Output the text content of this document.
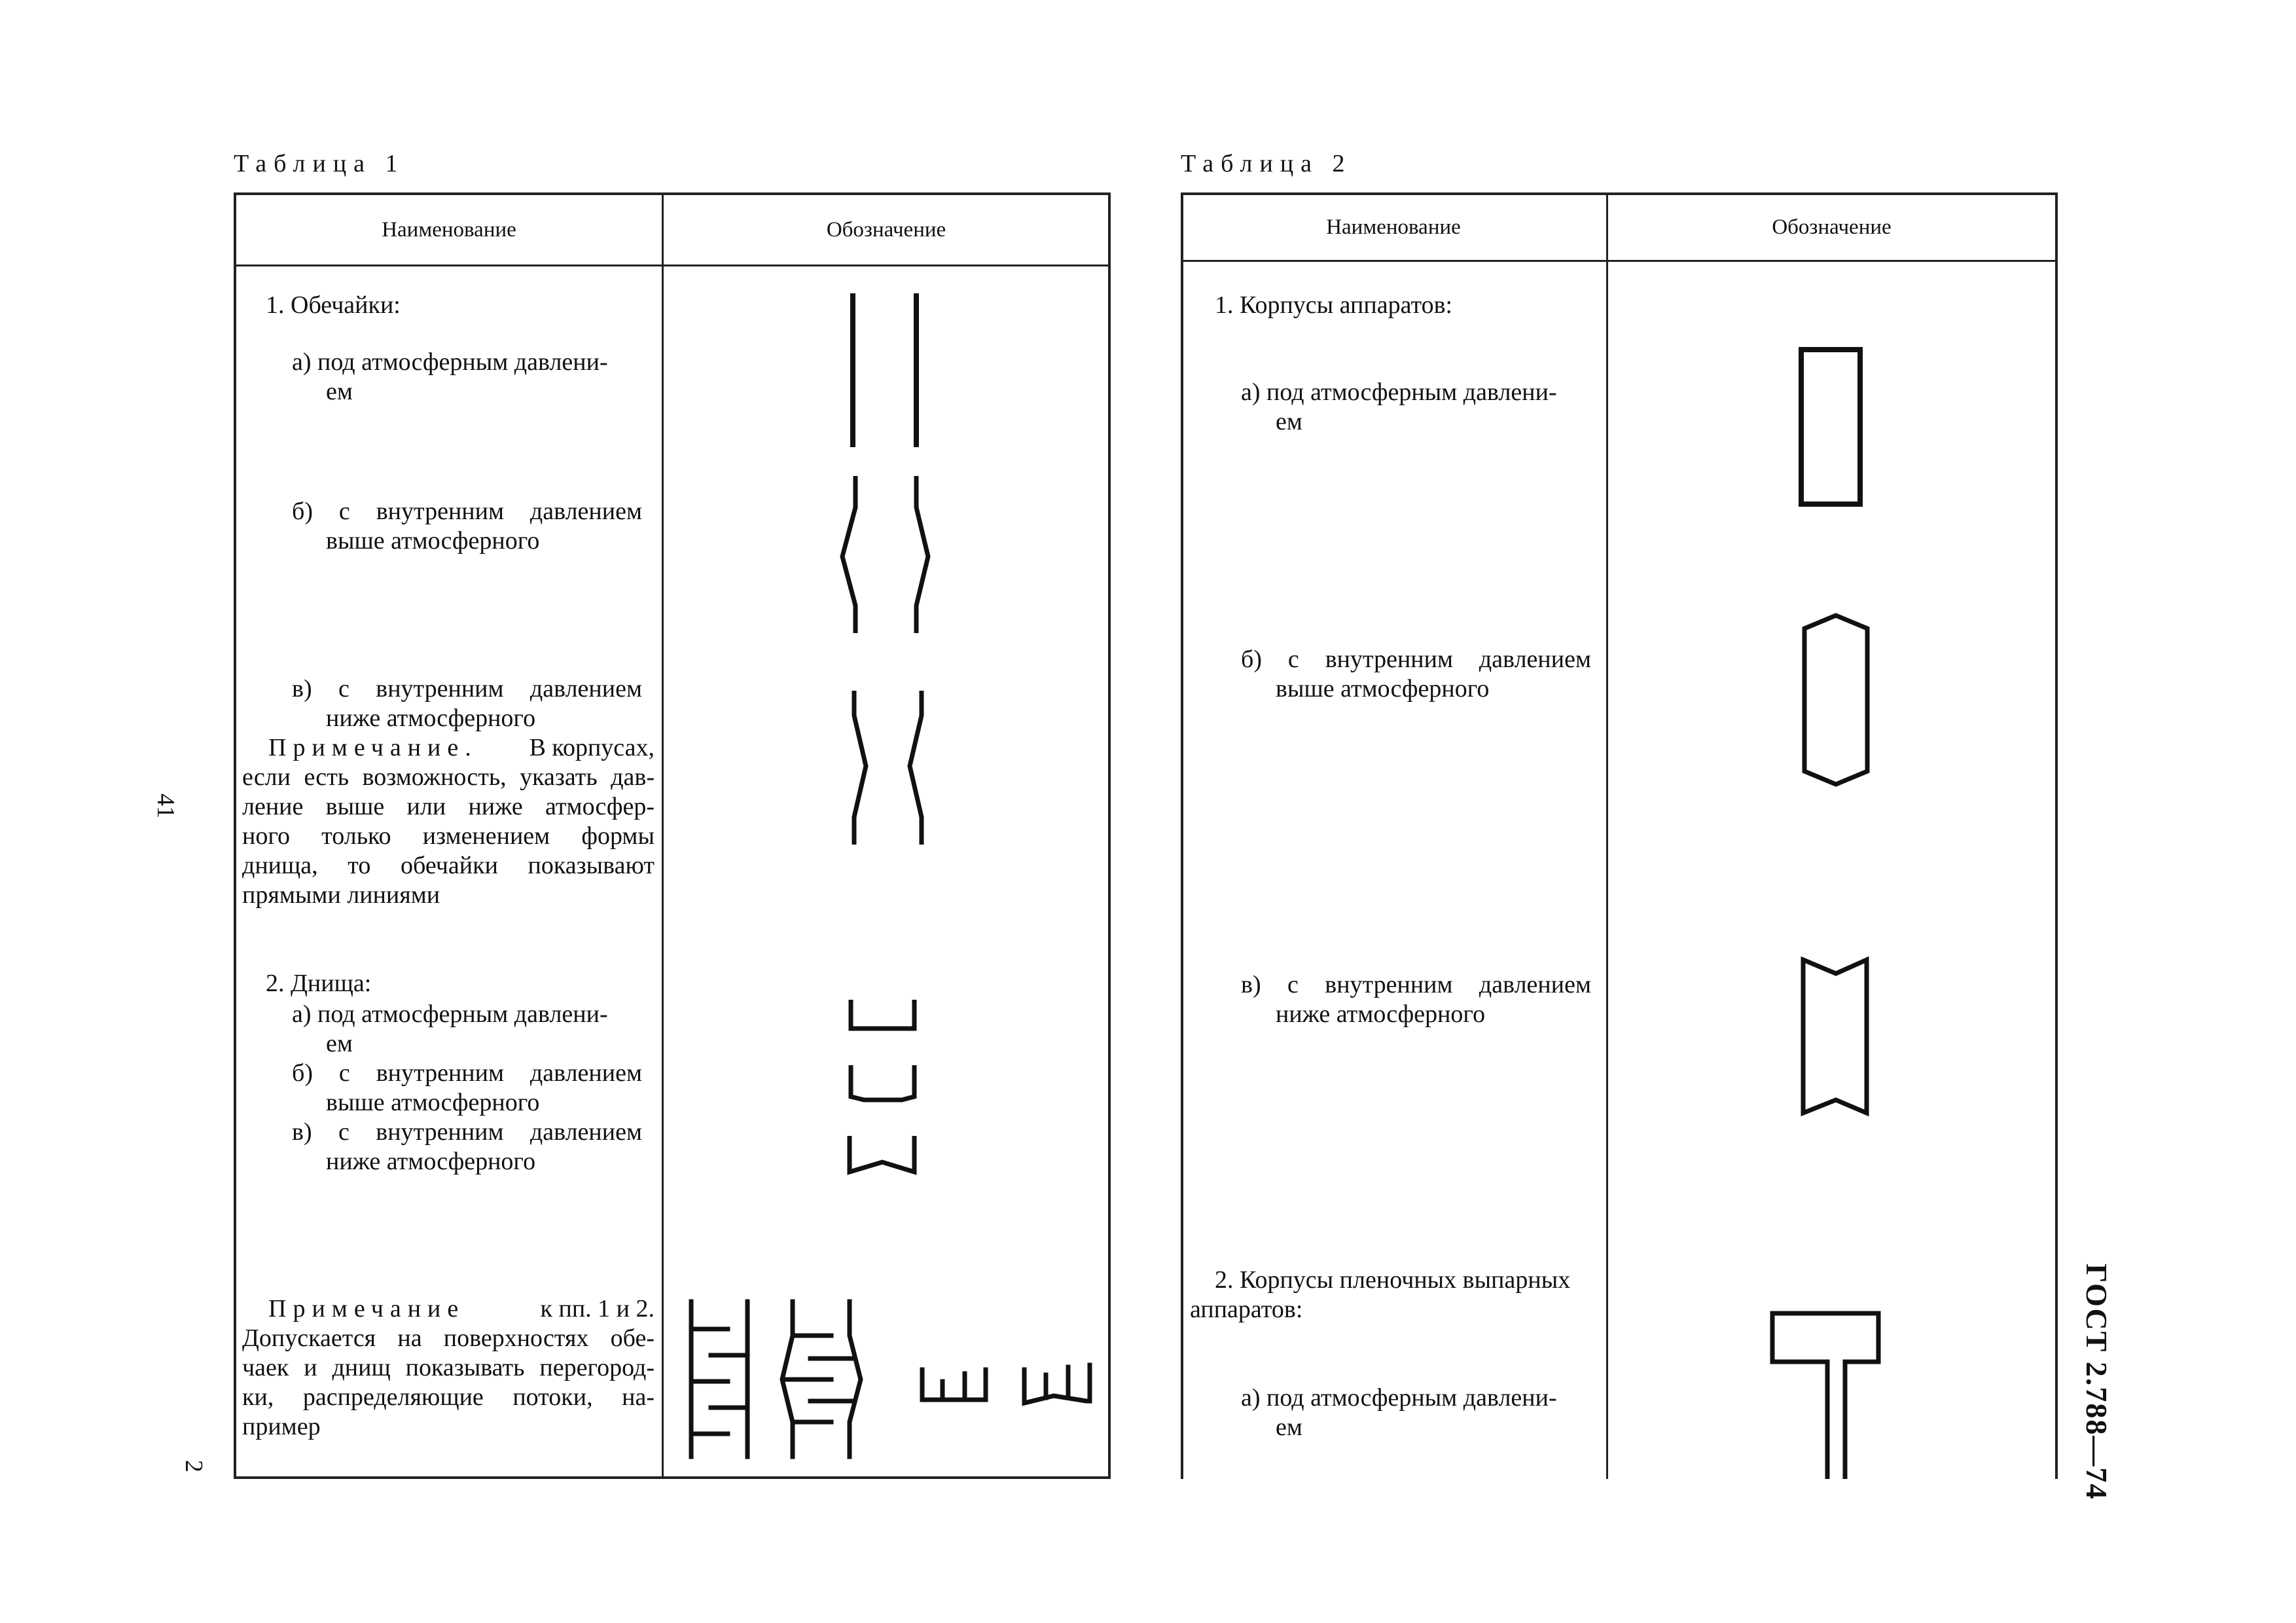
Таблица 1
Наименование	Обозначение
1. Обечайки:
а) под атмосферным давлени-
ем
б) с внутренним давлением
выше атмосферного
в) с внутренним давлением
ниже атмосферного
Примечание. В корпусах,
если есть возможность, указать дав-
ление выше или ниже атмосфер-
ного только изменением формы
днища, то обечайки показывают
прямыми линиями
2. Днища:
а) под атмосферным давлени-
ем
б) с внутренним давлением
выше атмосферного
в) с внутренним давлением
ниже атмосферного
Примечание	к пп. 1 и 2.
Допускается на поверхностях обе-
чаек и днищ показывать перегород-
ки, распределяющие потоки, на-
пример
Таблица 2
Наименование	Обозначение
1. Корпусы аппаратов:
а) под атмосферным давлени-
ем
б) с внутренним давлением
выше атмосферного
в) с внутренним давлением
ниже атмосферного
2. Корпусы пленочных выпарных
аппаратов:
а) под атмосферным давлени-
ем
41
2	ГОСТ 2.788—74
